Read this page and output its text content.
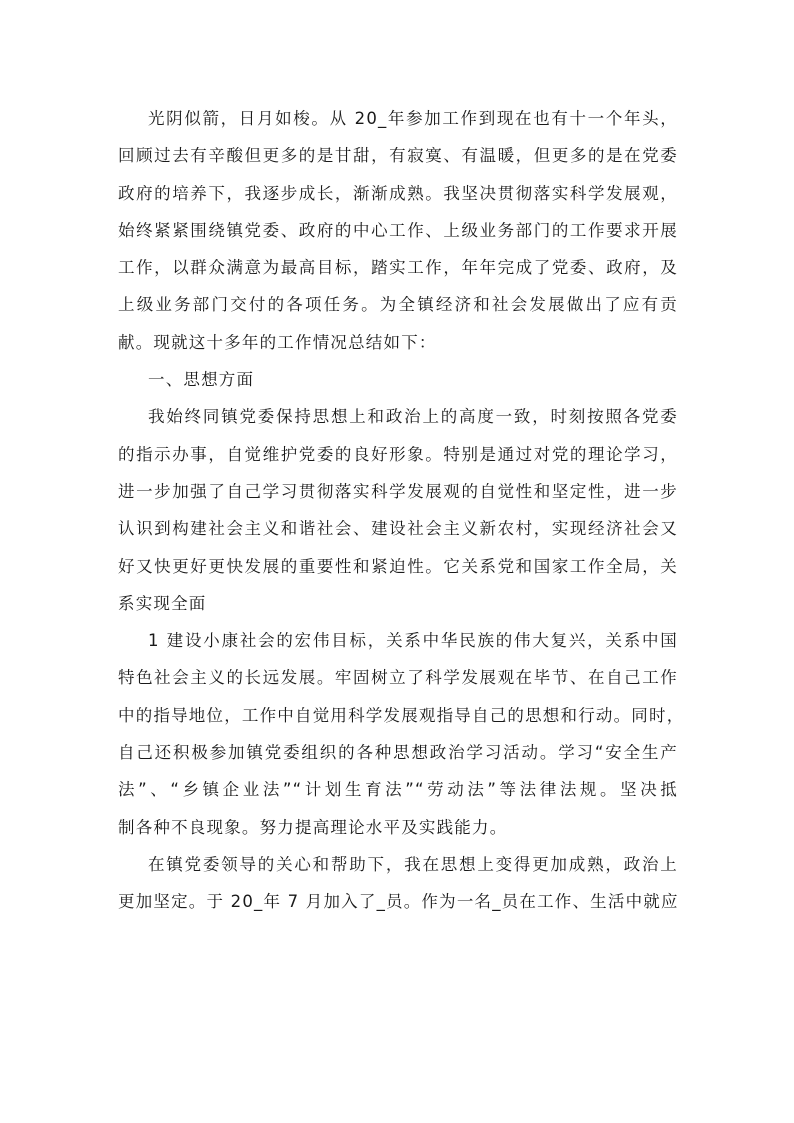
光阴似箭，日月如梭。从 20_年参加工作到现在也有十一个年头，
回顾过去有辛酸但更多的是甘甜，有寂寞、有温暖，但更多的是在党委
政府的培养下，我逐步成长，渐渐成熟。我坚决贯彻落实科学发展观，
始终紧紧围绕镇党委、政府的中心工作、上级业务部门的工作要求开展
工作，以群众满意为最高目标，踏实工作，年年完成了党委、政府，及
上级业务部门交付的各项任务。为全镇经济和社会发展做出了应有贡
献。现就这十多年的工作情况总结如下：
一、思想方面
我始终同镇党委保持思想上和政治上的高度一致，时刻按照各党委
的指示办事，自觉维护党委的良好形象。特别是通过对党的理论学习，
进一步加强了自己学习贯彻落实科学发展观的自觉性和坚定性，进一步
认识到构建社会主义和谐社会、建设社会主义新农村，实现经济社会又
好又快更好更快发展的重要性和紧迫性。它关系党和国家工作全局，关
系实现全面
1 建设小康社会的宏伟目标，关系中华民族的伟大复兴，关系中国
特色社会主义的长远发展。牢固树立了科学发展观在毕节、在自己工作
中的指导地位，工作中自觉用科学发展观指导自己的思想和行动。同时，
自己还积极参加镇党委组织的各种思想政治学习活动。学习“安全生产
法”、“乡镇企业法”“计划生育法”“劳动法”等法律法规。坚决抵
制各种不良现象。努力提高理论水平及实践能力。
在镇党委领导的关心和帮助下，我在思想上变得更加成熟，政治上
更加坚定。于 20_年 7 月加入了_员。作为一名_员在工作、生活中就应
